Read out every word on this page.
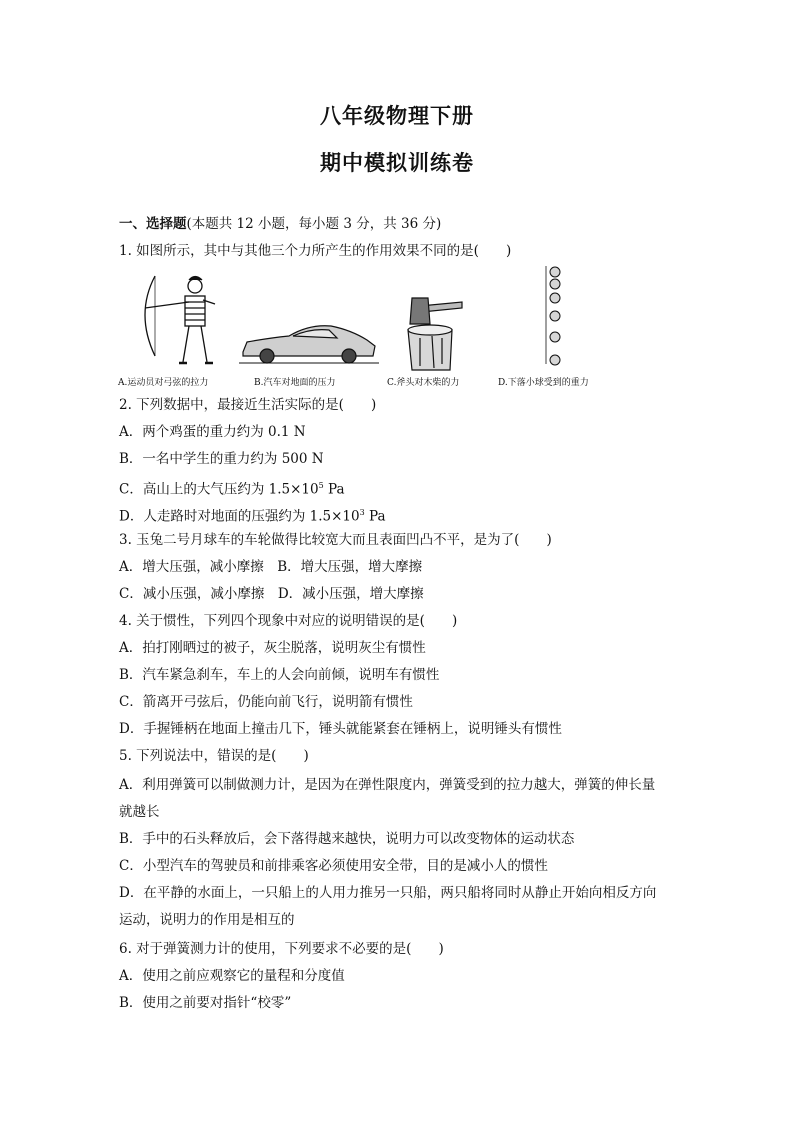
八年级物理下册
期中模拟训练卷
一、选择题(本题共 12 小题，每小题 3 分，共 36 分)
1. 如图所示，其中与其他三个力所产生的作用效果不同的是(　　)
A.运动员对弓弦的拉力	B.汽车对地面的压力	C.斧头对木柴的力	D.下落小球受到的重力
2. 下列数据中，最接近生活实际的是(　　)
A．两个鸡蛋的重力约为 0.1 N
B．一名中学生的重力约为 500 N
C．高山上的大气压约为 $1.5\times 10^5$ Pa
D．人走路时对地面的压强约为 $1.5\times 10^3$ Pa
3. 玉兔二号月球车的车轮做得比较宽大而且表面凹凸不平，是为了(　　)
A．增大压强，减小摩擦　B．增大压强，增大摩擦
C．减小压强，减小摩擦　D．减小压强，增大摩擦
4. 关于惯性，下列四个现象中对应的说明错误的是(　　)
A．拍打刚晒过的被子，灰尘脱落，说明灰尘有惯性
B．汽车紧急刹车，车上的人会向前倾，说明车有惯性
C．箭离开弓弦后，仍能向前飞行，说明箭有惯性
D．手握锤柄在地面上撞击几下，锤头就能紧套在锤柄上，说明锤头有惯性
5. 下列说法中，错误的是(　　)
A．利用弹簧可以制做测力计，是因为在弹性限度内，弹簧受到的拉力越大，弹簧的伸长量
就越长
B．手中的石头释放后，会下落得越来越快，说明力可以改变物体的运动状态
C．小型汽车的驾驶员和前排乘客必须使用安全带，目的是减小人的惯性
D．在平静的水面上，一只船上的人用力推另一只船，两只船将同时从静止开始向相反方向
运动，说明力的作用是相互的
6. 对于弹簧测力计的使用，下列要求不必要的是(　　)
A．使用之前应观察它的量程和分度值
B．使用之前要对指针“校零”
